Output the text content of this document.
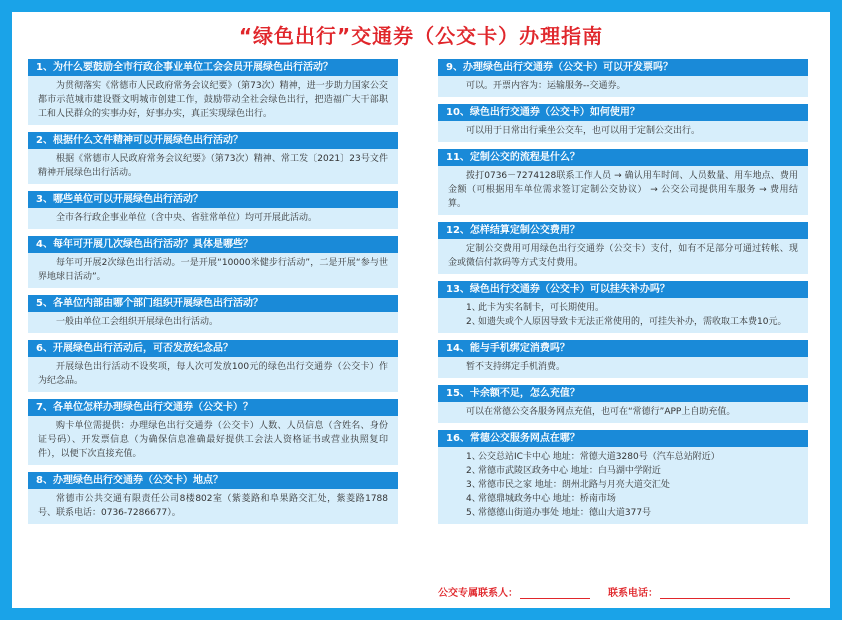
“绿色出行”交通券（公交卡）办理指南
1、为什么要鼓励全市行政企事业单位工会会员开展绿色出行活动？

为贯彻落实《常德市人民政府常务会议纪要》（第73次）精神，进一步助力国家公交都市示范城市建设暨文明城市创建工作，鼓励带动全社会绿色出行，把造福广大干部职工和人民群众的实事办好，好事办实，真正实现绿色出行。

2、根据什么文件精神可以开展绿色出行活动？

根据《常德市人民政府常务会议纪要》（第73次）精神、常工发〔2021〕23号文件精神开展绿色出行活动。

3、哪些单位可以开展绿色出行活动？

全市各行政企事业单位（含中央、省驻常单位）均可开展此活动。

4、每年可开展几次绿色出行活动？具体是哪些？

每年可开展2次绿色出行活动。一是开展“10000米健步行活动”，二是开展“参与世界地球日活动”。

5、各单位内部由哪个部门组织开展绿色出行活动？

一般由单位工会组织开展绿色出行活动。

6、开展绿色出行活动后，可否发放纪念品？

开展绿色出行活动不设奖项，每人次可发放100元的绿色出行交通券（公交卡）作为纪念品。

7、各单位怎样办理绿色出行交通券（公交卡）？

购卡单位需提供：办理绿色出行交通券（公交卡）人数、人员信息（含姓名、身份证号码）、开发票信息（为确保信息准确最好提供工会法人资格证书或营业执照复印件），以便下次直接充值。

8、办理绿色出行交通券（公交卡）地点？

常德市公共交通有限责任公司8楼802室（紫菱路和阜果路交汇处，紫菱路1788号、联系电话：0736-7286677）。

9、办理绿色出行交通券（公交卡）可以开发票吗？

可以。开票内容为：运输服务--交通券。

10、绿色出行交通券（公交卡）如何使用？

可以用于日常出行乘坐公交车，也可以用于定制公交出行。

11、定制公交的流程是什么？

拨打0736－7274128联系工作人员 → 确认用车时间、人员数量、用车地点、费用金额（可根据用车单位需求签订定制公交协议） → 公交公司提供用车服务 → 费用结算。

12、怎样结算定制公交费用？

定制公交费用可用绿色出行交通券（公交卡）支付，如有不足部分可通过转帐、现金或微信付款码等方式支付费用。

13、绿色出行交通券（公交卡）可以挂失补办吗？

1、
此卡为实名制卡，可长期使用。

2、
如遗失或个人原因导致卡无法正常使用的，可挂失补办，需收取工本费10元。

14、能与手机绑定消费吗？

暂不支持绑定手机消费。

15、卡余额不足，怎么充值？

可以在常德公交各服务网点充值，也可在“常德行”APP上自助充值。

16、常德公交服务网点在哪？

1、
公交总站IC卡中心 地址：常德大道3280号（汽车总站附近）

2、
常德市武陵区政务中心 地址：白马湖中学附近

3、
常德市民之家 地址：朗州北路与月亮大道交汇处

4、
常德鼎城政务中心 地址：桥南市场

5、
常德德山街道办事处 地址：德山大道377号

公交专属联系人：	联系电话：
